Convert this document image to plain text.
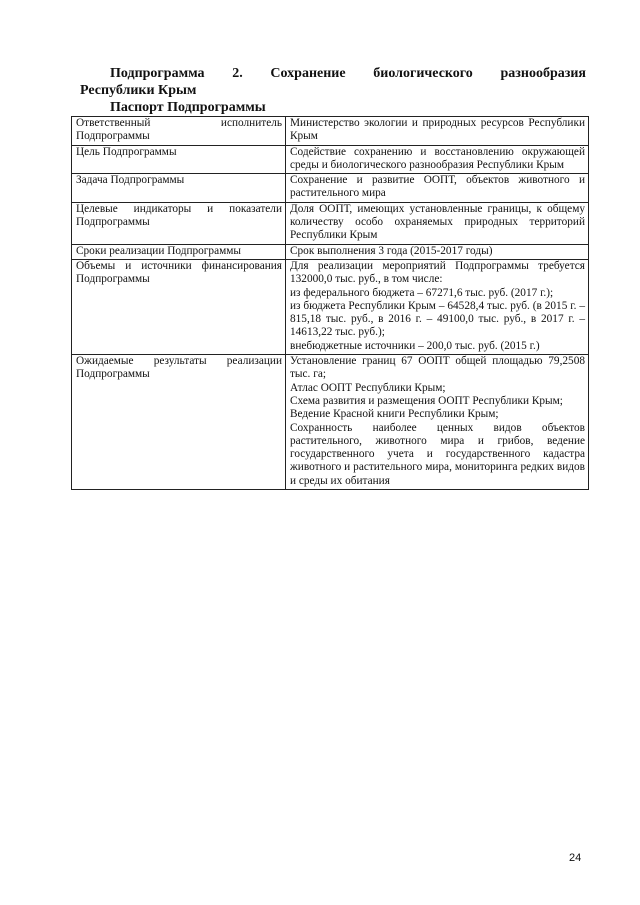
Подпрограмма 2. Сохранение биологического разнообразия
Республики Крым
Паспорт Подпрограммы
Ответственный исполнитель Подпрограммы	Министерство экологии и природных ресурсов Республики Крым

Цель Подпрограммы	Содействие сохранению и восстановлению окружающей среды и биологического разнообразия Республики Крым

Задача Подпрограммы	Сохранение и развитие ООПТ, объектов животного и растительного мира

Целевые индикаторы и показатели Подпрограммы	Доля ООПТ, имеющих установленные границы, к общему количеству особо охраняемых природных территорий Республики Крым

Сроки реализации Подпрограммы	Срок выполнения 3 года (2015-2017 годы)

Объемы и источники финансирования Подпрограммы	Для реализации мероприятий Подпрограммы требуется 132000,0 тыс. руб., в том числе:
из федерального бюджета – 67271,6 тыс. руб. (2017 г.);
из бюджета Республики Крым – 64528,4 тыс. руб. (в 2015 г. – 815,18 тыс. руб., в 2016 г. – 49100,0 тыс. руб., в 2017 г. – 14613,22 тыс. руб.);
внебюджетные источники – 200,0 тыс. руб. (2015 г.)

Ожидаемые результаты реализации Подпрограммы	Установление границ 67 ООПТ общей площадью 79,2508 тыс. га;
Атлас ООПТ Республики Крым;
Схема развития и размещения ООПТ Республики Крым;
Ведение Красной книги Республики Крым;
Сохранность наиболее ценных видов объектов растительного, животного мира и грибов, ведение государственного учета и государственного кадастра животного и растительного мира, мониторинга редких видов и среды их обитания
24
